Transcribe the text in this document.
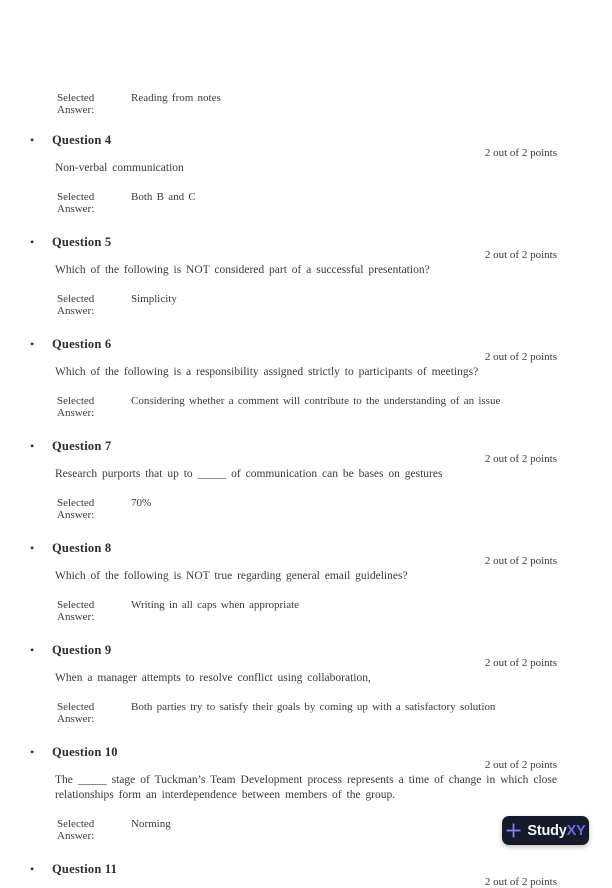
Selected Answer:
Reading from notes
• Question 4
2 out of 2 points

Non-verbal communication

Selected Answer:
Both B and C
• Question 5
2 out of 2 points

Which of the following is NOT considered part of a successful presentation?

Selected Answer:
Simplicity
• Question 6
2 out of 2 points

Which of the following is a responsibility assigned strictly to participants of meetings?

Selected Answer:
Considering whether a comment will contribute to the understanding of an issue
• Question 7
2 out of 2 points

Research purports that up to _____ of communication can be bases on gestures

Selected Answer:
70%
• Question 8
2 out of 2 points

Which of the following is NOT true regarding general email guidelines?

Selected Answer:
Writing in all caps when appropriate
• Question 9
2 out of 2 points

When a manager attempts to resolve conflict using collaboration,

Selected Answer:
Both parties try to satisfy their goals by coming up with a satisfactory solution
• Question 10
2 out of 2 points

The _____ stage of Tuckman’s Team Development process represents a time of change in which close relationships form an interdependence between members of the group.

Selected Answer:
Norming
• Question 11
2 out of 2 points
StudyXY
